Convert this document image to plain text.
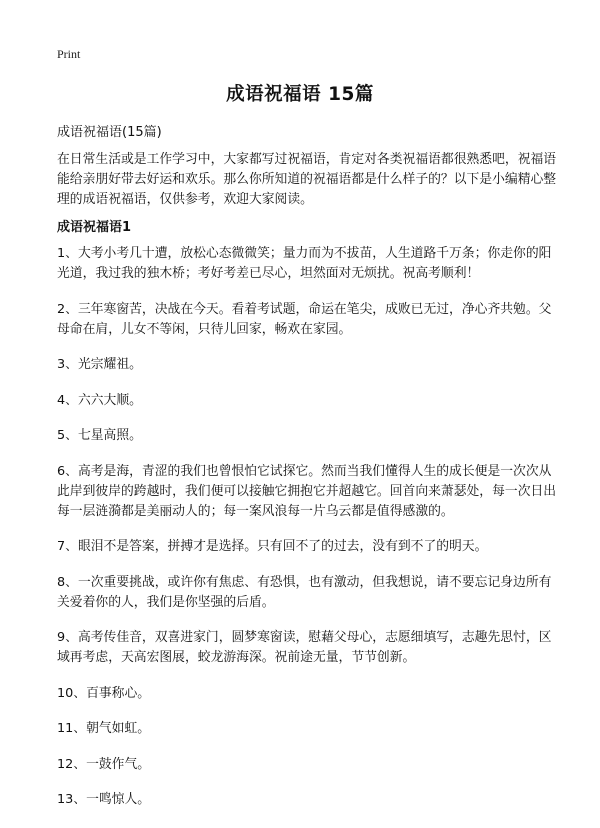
Print
成语祝福语 15篇

成语祝福语(15篇)

在日常生活或是工作学习中，大家都写过祝福语，肯定对各类祝福语都很熟悉吧，祝福语能给亲朋好带去好运和欢乐。那么你所知道的祝福语都是什么样子的？以下是小编精心整理的成语祝福语，仅供参考，欢迎大家阅读。

成语祝福语1
1、大考小考几十遭，放松心态微微笑；量力而为不拔苗，人生道路千万条；你走你的阳光道，我过我的独木桥；考好考差已尽心，坦然面对无烦扰。祝高考顺利！
2、三年寒窗苦，决战在今天。看着考试题，命运在笔尖，成败已无过，净心齐共勉。父母命在肩，儿女不等闲，只待儿回家，畅欢在家园。
3、光宗耀祖。
4、六六大顺。
5、七星高照。
6、高考是海，青涩的我们也曾恨怕它试探它。然而当我们懂得人生的成长便是一次次从此岸到彼岸的跨越时，我们便可以接触它拥抱它并超越它。回首向来萧瑟处，每一次日出每一层涟漪都是美丽动人的；每一案风浪每一片乌云都是值得感激的。
7、眼泪不是答案，拼搏才是选择。只有回不了的过去，没有到不了的明天。
8、一次重要挑战，或许你有焦虑、有恐惧，也有激动，但我想说，请不要忘记身边所有关爱着你的人，我们是你坚强的后盾。
9、高考传佳音，双喜进家门，圆梦寒窗读，慰藉父母心，志愿细填写，志趣先思忖，区域再考虑，天高宏图展，蛟龙游海深。祝前途无量，节节创新。
10、百事称心。
11、朝气如虹。
12、一鼓作气。
13、一鸣惊人。
